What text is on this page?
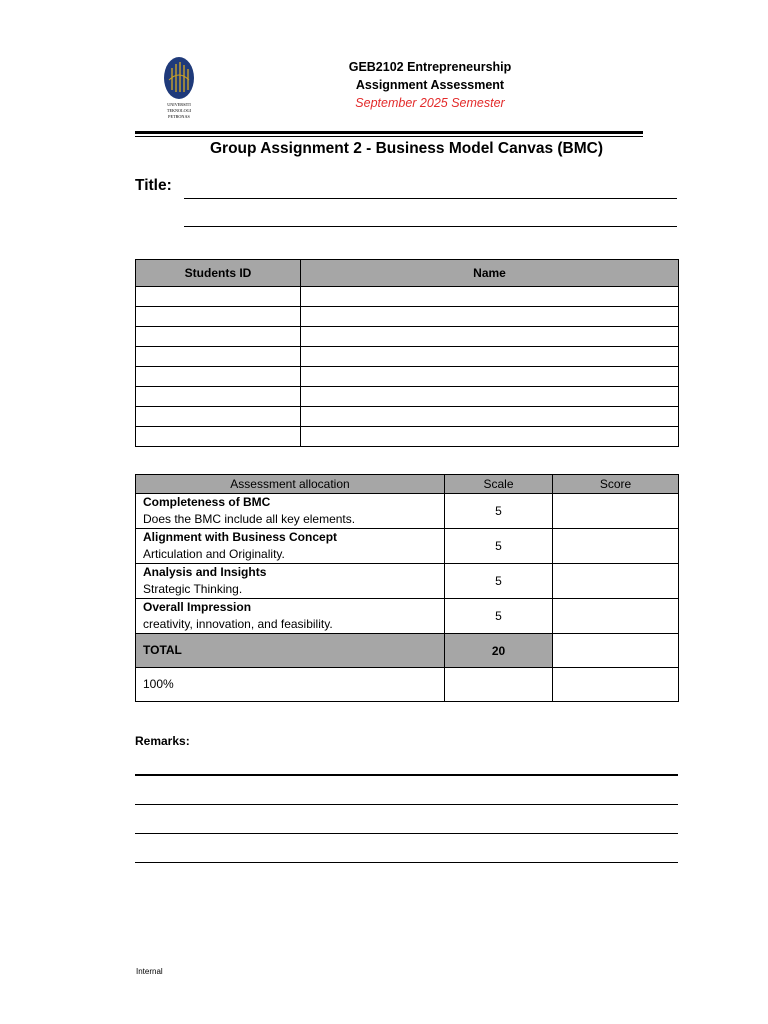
UNIVERSITI
TEKNOLOGI
PETRONAS
GEB2102 Entrepreneurship
Assignment Assessment
September 2025 Semester
Group Assignment 2 - Business Model Canvas (BMC)
Title:
Students ID	Name

Assessment allocation	Scale	Score

Completeness of BMC
Does the BMC include all key elements.	5	

Alignment with Business Concept
Articulation and Originality.	5	

Analysis and Insights
Strategic Thinking.	5	

Overall Impression
creativity, innovation, and feasibility.	5	
TOTAL	20	
100%		
Remarks:
Internal
